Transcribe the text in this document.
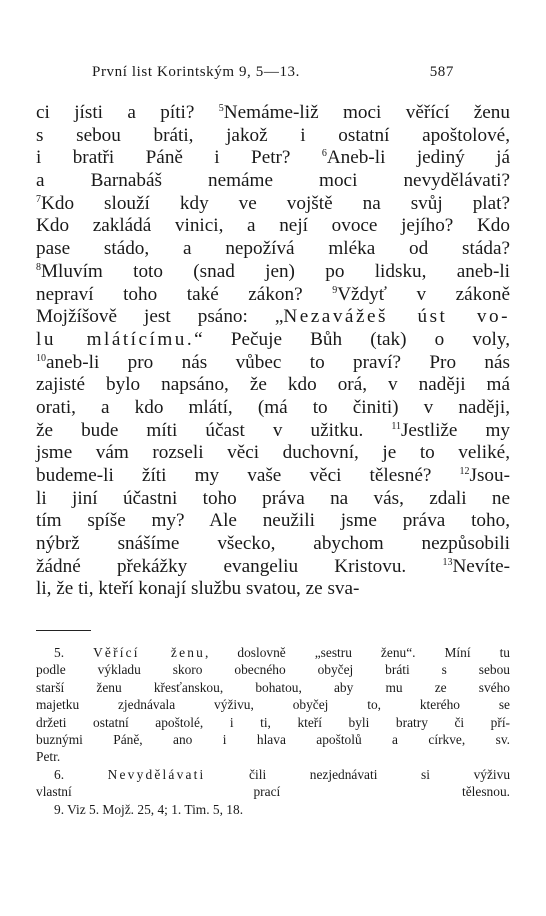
První list Korintským 9, 5—13.	587
ci jísti a píti? $^5$Nemáme-liž moci věřící ženu
s sebou bráti, jakož i ostatní apoštolové,
i bratři Páně i Petr? $^6$Aneb-li jediný já
a Barnabáš nemáme moci nevydělávati?
$^7$Kdo slouží kdy ve vojště na svůj plat?
Kdo zakládá vinici, a nejí ovoce jejího? Kdo
pase stádo, a nepožívá mléka od stáda?
$^8$Mluvím toto (snad jen) po lidsku, aneb-li
nepraví toho také zákon? $^9$Vždyť v zákoně
Mojžíšově jest psáno: „Nezavážeš úst vo-
lu mlátícímu.“ Pečuje Bůh (tak) o voly,
$^{10}$aneb-li pro nás vůbec to praví? Pro nás
zajisté bylo napsáno, že kdo orá, v naději má
orati, a kdo mlátí, (má to činiti) v naději,
že bude míti účast v užitku. $^{11}$Jestliže my
jsme vám rozseli věci duchovní, je to veliké,
budeme-li žíti my vaše věci tělesné? $^{12}$Jsou-
li jiní účastni toho práva na vás, zdali ne
tím spíše my? Ale neužili jsme práva toho,
nýbrž snášíme všecko, abychom nezpůsobili
žádné překážky evangeliu Kristovu. $^{13}$Nevíte-
li, že ti, kteří konají službu svatou, ze sva-
5. Věřící ženu, doslovně „sestru ženu“. Míní tu
podle výkladu skoro obecného obyčej bráti s sebou
starší ženu křesťanskou, bohatou, aby mu ze svého
majetku zjednávala výživu, obyčej to, kterého se
držeti ostatní apoštolé, i ti, kteří byli bratry či pří-
buznými Páně, ano i hlava apoštolů a církve, sv.
Petr.
6. Nevydělávati čili nezjednávati si výživu
vlastní prací tělesnou.
9. Viz 5. Mojž. 25, 4; 1. Tim. 5, 18.
